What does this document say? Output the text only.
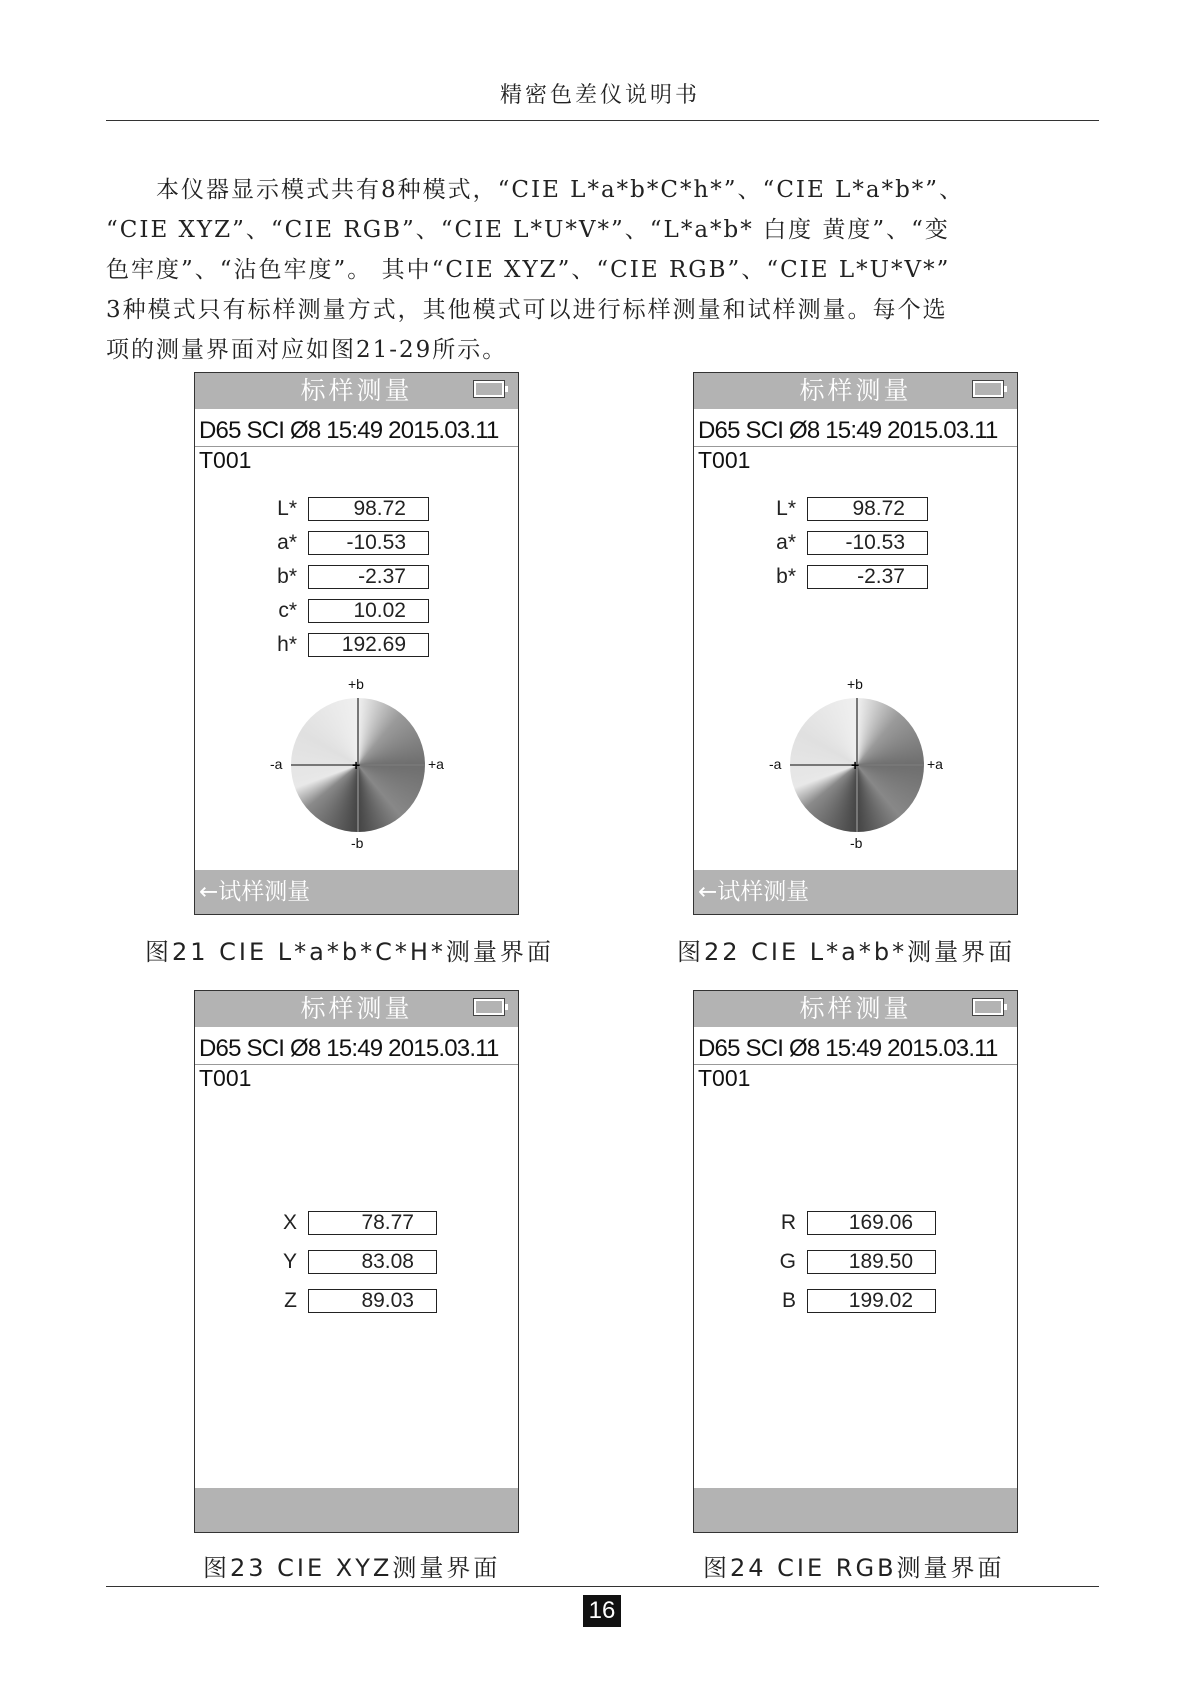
精密色差仪说明书
　　本仪器显示模式共有8种模式，“CIE L*a*b*C*h*”、“CIE L*a*b*”、
“CIE XYZ”、“CIE RGB”、“CIE L*U*V*”、“L*a*b* 白度 黄度”、“变
色牢度”、“沾色牢度”。 其中“CIE XYZ”、“CIE RGB”、“CIE L*U*V*”
3种模式只有标样测量方式，其他模式可以进行标样测量和试样测量。每个选
项的测量界面对应如图21-29所示。
标样测量
D65 SCI Ø8 15:49 2015.03.11
T001
L*	98.72
a*	-10.53
b*	-2.37
c*	10.02
h*	192.69
+
+b
-b
-a	+a
←试样测量
标样测量
D65 SCI Ø8 15:49 2015.03.11
T001
L*	98.72
a*	-10.53
b*	-2.37
+
+b
-b
-a	+a
←试样测量
标样测量
D65 SCI Ø8 15:49 2015.03.11
T001
X	78.77
Y	83.08
Z	89.03
标样测量
D65 SCI Ø8 15:49 2015.03.11
T001
R	169.06
G	189.50
B	199.02
图21 CIE L*a*b*C*H*测量界面	图22 CIE L*a*b*测量界面
图23 CIE XYZ测量界面	图24 CIE RGB测量界面
16
